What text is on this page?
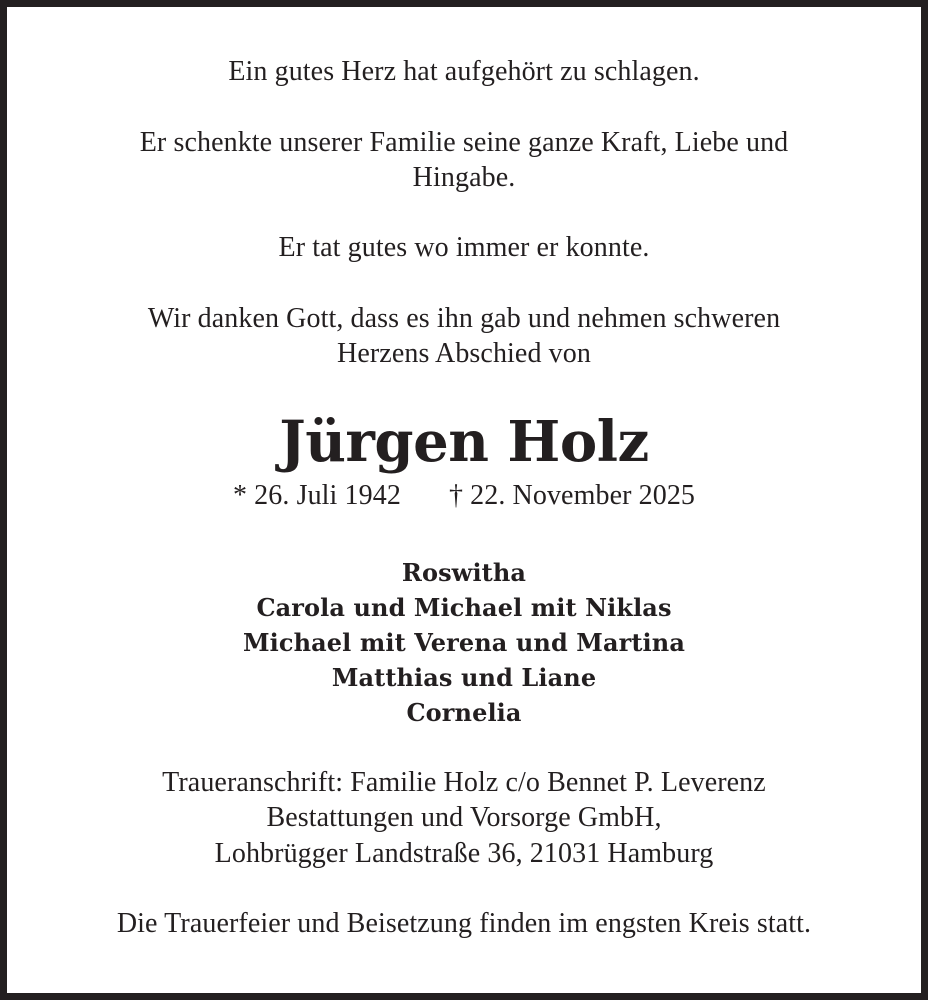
Ein gutes Herz hat aufgehört zu schlagen.
Er schenkte unserer Familie seine ganze Kraft, Liebe und
Hingabe.
Er tat gutes wo immer er konnte.
Wir danken Gott, dass es ihn gab und nehmen schweren
Herzens Abschied von
Jürgen Holz
* 26. Juli 1942 † 22. November 2025
Roswitha
Carola und Michael mit Niklas
Michael mit Verena und Martina
Matthias und Liane
Cornelia
Traueranschrift: Familie Holz c/o Bennet P. Leverenz
Bestattungen und Vorsorge GmbH,
Lohbrügger Landstraße 36, 21031 Hamburg
Die Trauerfeier und Beisetzung finden im engsten Kreis statt.
